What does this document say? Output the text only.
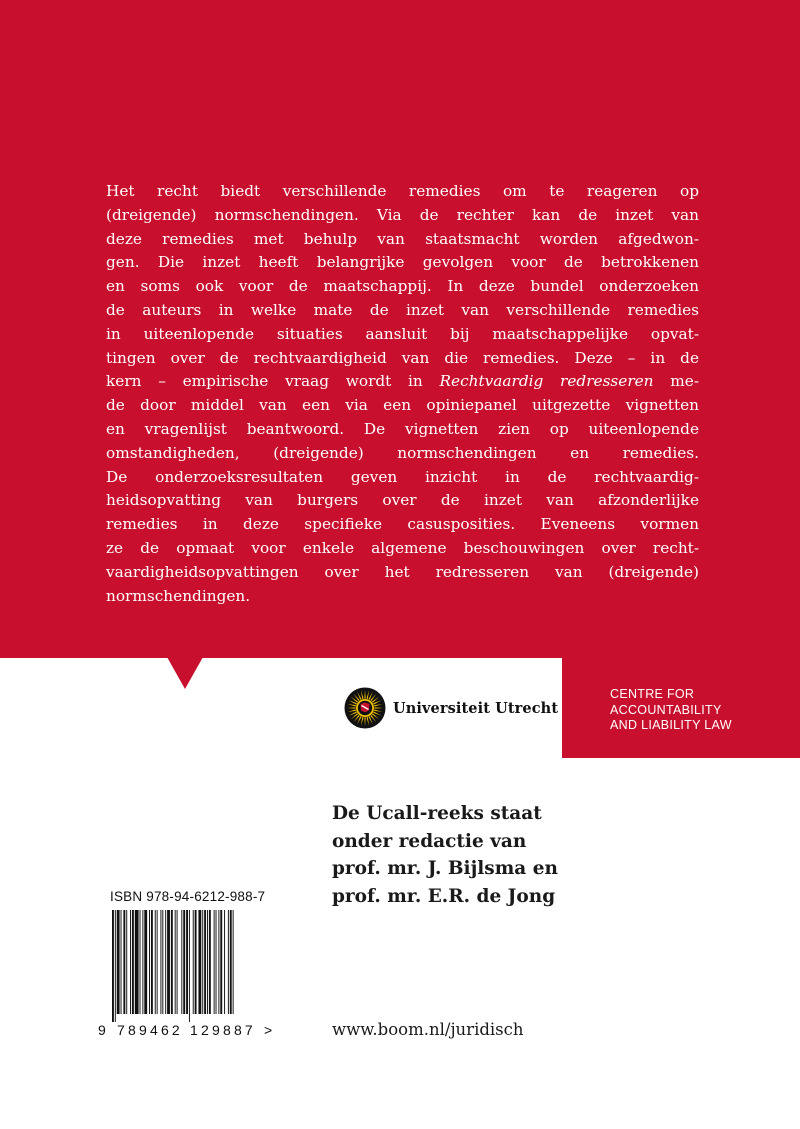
Het recht biedt verschillende remedies om te reageren op
(dreigende) normschendingen. Via de rechter kan de inzet van
deze remedies met behulp van staatsmacht worden afgedwon-
gen. Die inzet heeft belangrijke gevolgen voor de betrokkenen
en soms ook voor de maatschappij. In deze bundel onderzoeken
de auteurs in welke mate de inzet van verschillende remedies
in uiteenlopende situaties aansluit bij maatschappelijke opvat-
tingen over de rechtvaardigheid van die remedies. Deze – in de
kern – empirische vraag wordt in Rechtvaardig redresseren me-
de door middel van een via een opiniepanel uitgezette vignetten
en vragenlijst beantwoord. De vignetten zien op uiteenlopende
omstandigheden, (dreigende) normschendingen en remedies.
De onderzoeksresultaten geven inzicht in de rechtvaardig-
heidsopvatting van burgers over de inzet van afzonderlijke
remedies in deze specifieke casusposities. Eveneens vormen
ze de opmaat voor enkele algemene beschouwingen over recht-
vaardigheidsopvattingen over het redresseren van (dreigende)
normschendingen.
Universiteit Utrecht
CENTRE FOR
ACCOUNTABILITY
AND LIABILITY LAW
De Ucall-reeks staat
onder redactie van
prof. mr. J. Bijlsma en
prof. mr. E.R. de Jong
ISBN 978-94-6212-988-7
9 789462 129887 >	www.boom.nl/juridisch
